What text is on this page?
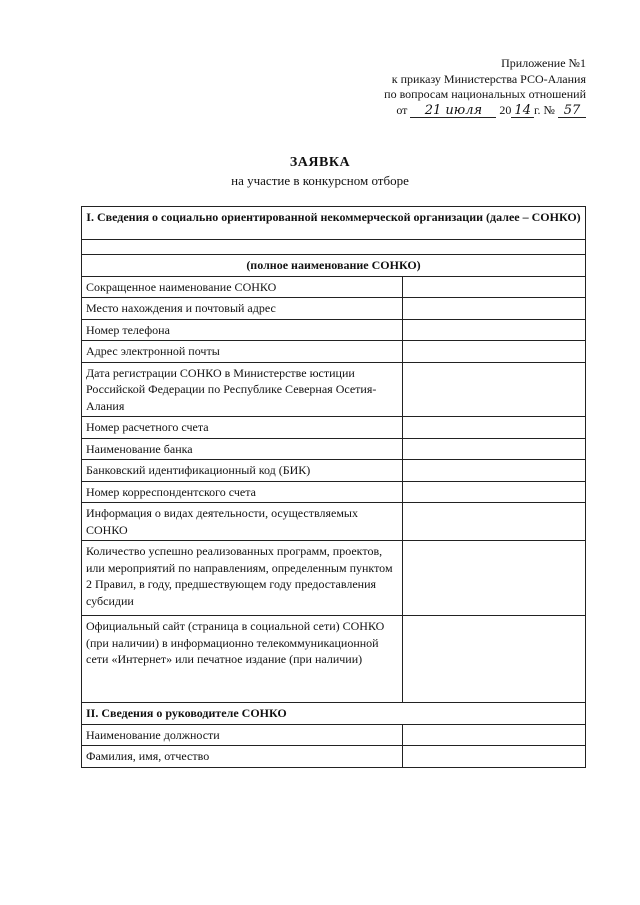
Приложение №1
к приказу Министерства РСО-Алания
по вопросам национальных отношений
от 21 июля 20 14 г. № 57
ЗАЯВКА
на участие в конкурсном отборе
I. Сведения о социально ориентированной некоммерческой организации (далее – СОНКО)	

(полное наименование СОНКО)	
Сокращенное наименование СОНКО	
Место нахождения и почтовый адрес	
Номер телефона	
Адрес электронной почты	
Дата регистрации СОНКО в Министерстве юстиции Российской Федерации по Республике Северная Осетия-Алания	
Номер расчетного счета	
Наименование банка	
Банковский идентификационный код (БИК)	
Номер корреспондентского счета	
Информация о видах деятельности, осуществляемых СОНКО	
Количество успешно реализованных программ, проектов, или мероприятий по направлениям, определенным пунктом 2 Правил, в году, предшествующем году предоставления субсидии	
Официальный сайт (страница в социальной сети) СОНКО (при наличии) в информационно телекоммуникационной сети «Интернет» или печатное издание (при наличии)	
II. Сведения о руководителе СОНКО	
Наименование должности	
Фамилия, имя, отчество	
